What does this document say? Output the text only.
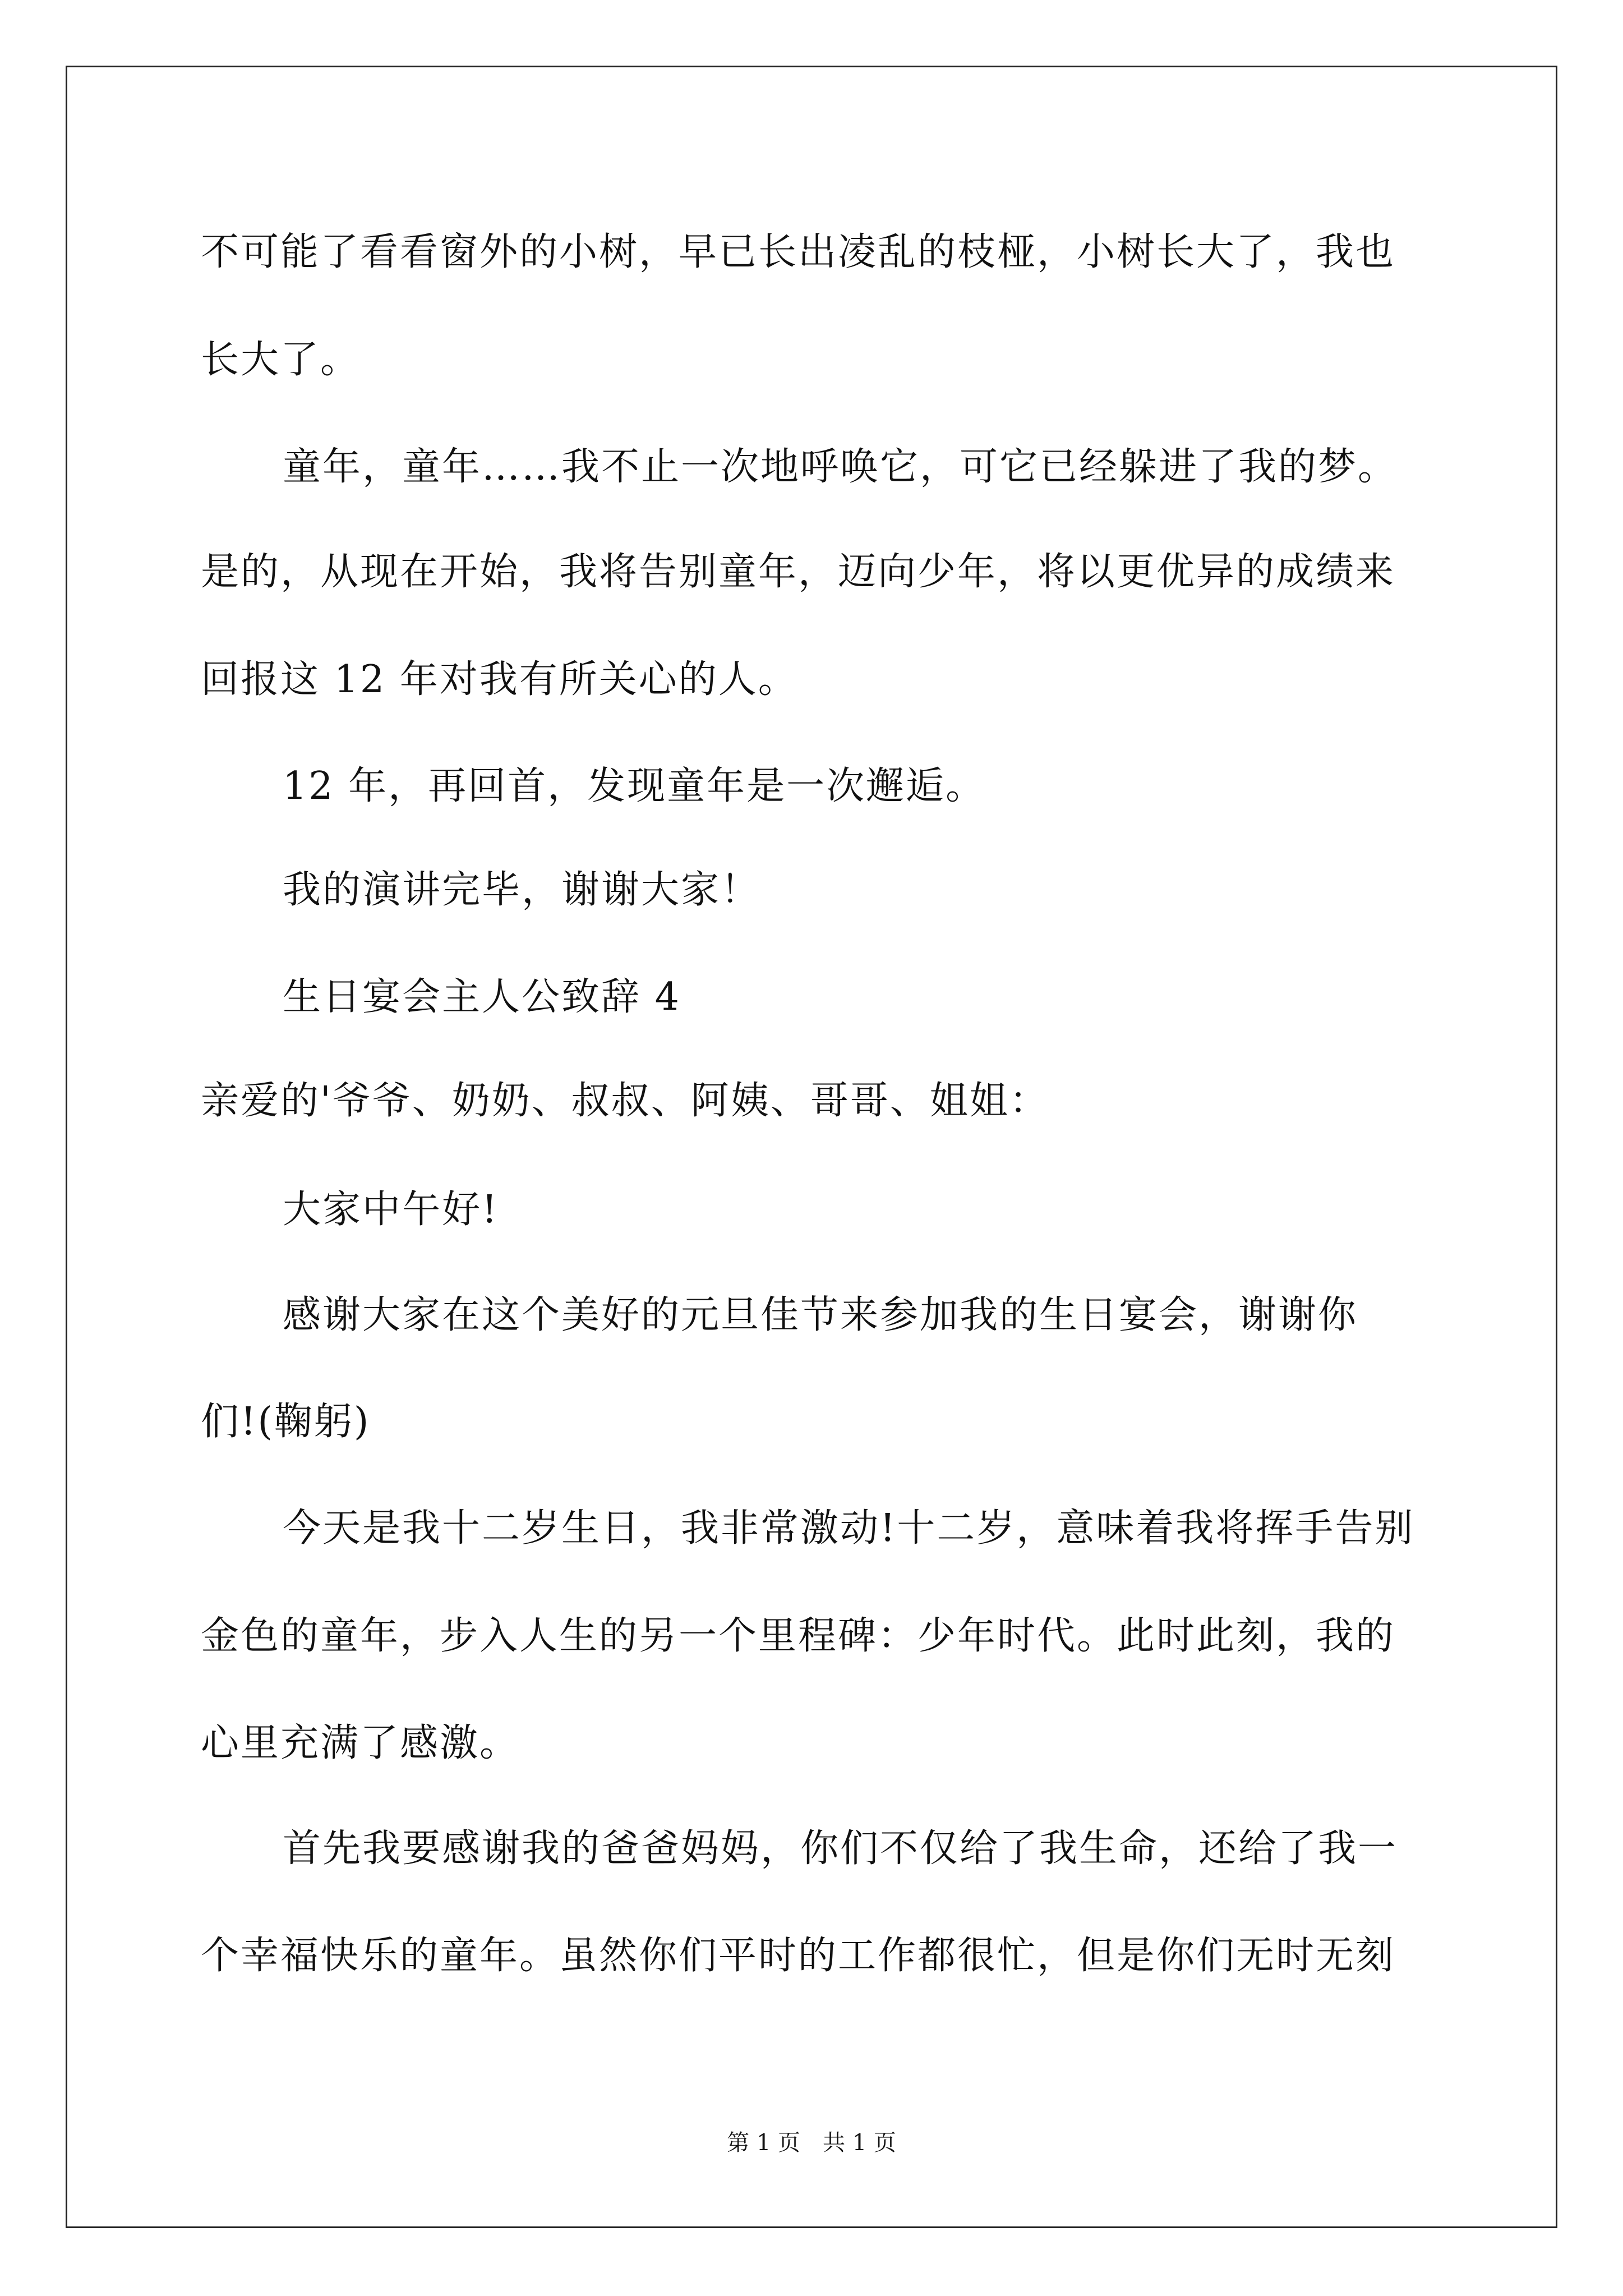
不可能了看看窗外的小树，早已长出凌乱的枝桠，小树长大了，我也
长大了。
童年，童年……我不止一次地呼唤它，可它已经躲进了我的梦。
是的，从现在开始，我将告别童年，迈向少年，将以更优异的成绩来
回报这 12 年对我有所关心的人。
12 年，再回首，发现童年是一次邂逅。
我的演讲完毕，谢谢大家！
生日宴会主人公致辞 4
亲爱的'爷爷、奶奶、叔叔、阿姨、哥哥、姐姐：
大家中午好!
感谢大家在这个美好的元旦佳节来参加我的生日宴会，谢谢你
们!(鞠躬)
今天是我十二岁生日，我非常激动!十二岁，意味着我将挥手告别
金色的童年，步入人生的另一个里程碑：少年时代。此时此刻，我的
心里充满了感激。
首先我要感谢我的爸爸妈妈，你们不仅给了我生命，还给了我一
个幸福快乐的童年。虽然你们平时的工作都很忙，但是你们无时无刻
第 1 页　共 1 页
